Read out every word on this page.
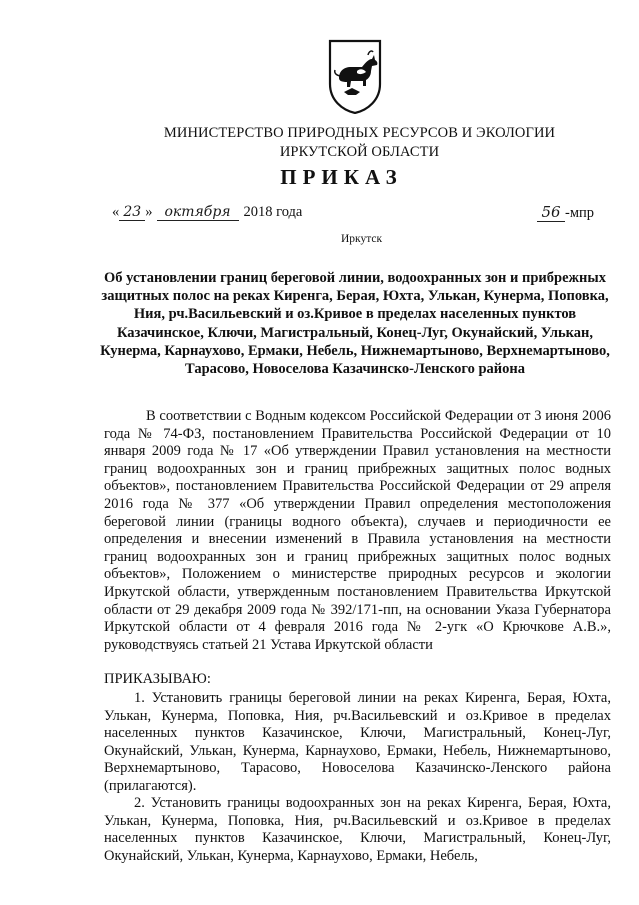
МИНИСТЕРСТВО ПРИРОДНЫХ РЕСУРСОВ И ЭКОЛОГИИ
ИРКУТСКОЙ ОБЛАСТИ
ПРИКАЗ
« 23 » октября 2018 года	56 -мпр
Иркутск
Об установлении границ береговой линии, водоохранных зон и прибрежных защитных полос на реках Киренга, Берая, Юхта, Улькан, Кунерма, Поповка, Ния, рч.Васильевский и оз.Кривое в пределах населенных пунктов Казачинское, Ключи, Магистральный, Конец-Луг, Окунайский, Улькан, Кунерма, Карнаухово, Ермаки, Небель, Нижнемартыново, Верхнемартыново, Тарасово, Новоселова Казачинско-Ленского района
В соответствии с Водным кодексом Российской Федерации от 3 июня 2006 года № 74-ФЗ, постановлением Правительства Российской Федерации от 10 января 2009 года № 17 «Об утверждении Правил установления на местности границ водоохранных зон и границ прибрежных защитных полос водных объектов», постановлением Правительства Российской Федерации от 29 апреля 2016 года № 377 «Об утверждении Правил определения местоположения береговой линии (границы водного объекта), случаев и периодичности ее определения и внесении изменений в Правила установления на местности границ водоохранных зон и границ прибрежных защитных полос водных объектов», Положением о министерстве природных ресурсов и экологии Иркутской области, утвержденным постановлением Правительства Иркутской области от 29 декабря 2009 года № 392/171-пп, на основании Указа Губернатора Иркутской области от 4 февраля 2016 года № 2-угк «О Крючкове А.В.», руководствуясь статьей 21 Устава Иркутской области
ПРИКАЗЫВАЮ:
1. Установить границы береговой линии на реках Киренга, Берая, Юхта, Улькан, Кунерма, Поповка, Ния, рч.Васильевский и оз.Кривое в пределах населенных пунктов Казачинское, Ключи, Магистральный, Конец-Луг, Окунайский, Улькан, Кунерма, Карнаухово, Ермаки, Небель, Нижнемартыново, Верхнемартыново, Тарасово, Новоселова Казачинско-Ленского района (прилагаются).
2. Установить границы водоохранных зон на реках Киренга, Берая, Юхта, Улькан, Кунерма, Поповка, Ния, рч.Васильевский и оз.Кривое в пределах населенных пунктов Казачинское, Ключи, Магистральный, Конец-Луг, Окунайский, Улькан, Кунерма, Карнаухово, Ермаки, Небель,
